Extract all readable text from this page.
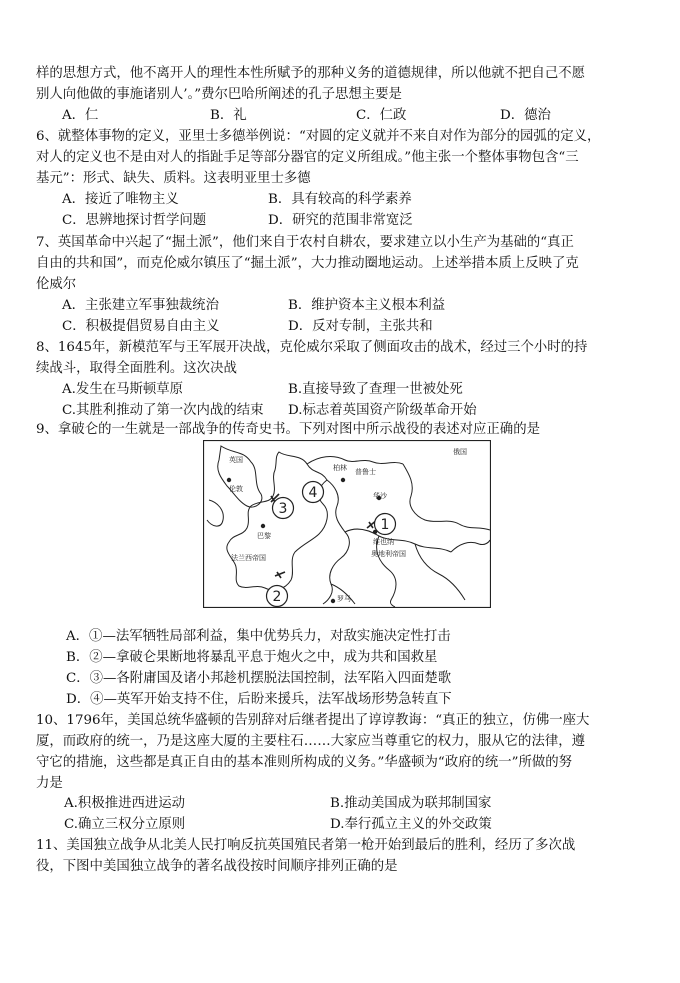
样的思想方式，他不离开人的理性本性所赋予的那种义务的道德规律，所以他就不把自己不愿
别人向他做的事施诸别人’。”费尔巴哈所阐述的孔子思想主要是
A．仁	B．礼	C．仁政	D．德治
6、就整体事物的定义，亚里士多德举例说：“对圆的定义就并不来自对作为部分的园弧的定义，
对人的定义也不是由对人的指趾手足等部分器官的定义所组成。”他主张一个整体事物包含“三
基元”：形式、缺失、质料。这表明亚里士多德
A．接近了唯物主义	B．具有较高的科学素养
C．思辨地探讨哲学问题	D．研究的范围非常宽泛
7、英国革命中兴起了“掘土派”，他们来自于农村自耕农，要求建立以小生产为基础的“真正
自由的共和国”，而克伦威尔镇压了“掘土派”，大力推动圈地运动。上述举措本质上反映了克
伦威尔
A．主张建立军事独裁统治	B．维护资本主义根本利益
C．积极提倡贸易自由主义	D．反对专制，主张共和
8、1645年，新模范军与王军展开决战，克伦威尔采取了侧面攻击的战术，经过三个小时的持
续战斗，取得全面胜利。这次决战
A.发生在马斯顿草原	B.直接导致了查理一世被处死
C.其胜利推动了第一次内战的结束 D.标志着英国资产阶级革命开始
9、拿破仑的一生就是一部战争的传奇史书。下列对图中所示战役的表述对应正确的是
英国
伦敦
巴黎
法兰西帝国
柏林 普鲁士
华沙
维也纳
奥地利帝国
罗马
俄国
3
4
1
2
A．①—法军牺牲局部利益，集中优势兵力，对敌实施决定性打击
B．②—拿破仑果断地将暴乱平息于炮火之中，成为共和国救星
C．③—各附庸国及诸小邦趁机摆脱法国控制，法军陷入四面楚歌
D．④—英军开始支持不住，后盼来援兵，法军战场形势急转直下
10、1796年，美国总统华盛顿的告别辞对后继者提出了谆谆教诲：“真正的独立，仿佛一座大
厦，而政府的统一，乃是这座大厦的主要柱石……大家应当尊重它的权力，服从它的法律，遵
守它的措施，这些都是真正自由的基本准则所构成的义务。”华盛顿为“政府的统一”所做的努
力是
A.积极推进西进运动	B.推动美国成为联邦制国家
C.确立三权分立原则	D.奉行孤立主义的外交政策
11、美国独立战争从北美人民打响反抗英国殖民者第一枪开始到最后的胜利，经历了多次战
役，下图中美国独立战争的著名战役按时间顺序排列正确的是
